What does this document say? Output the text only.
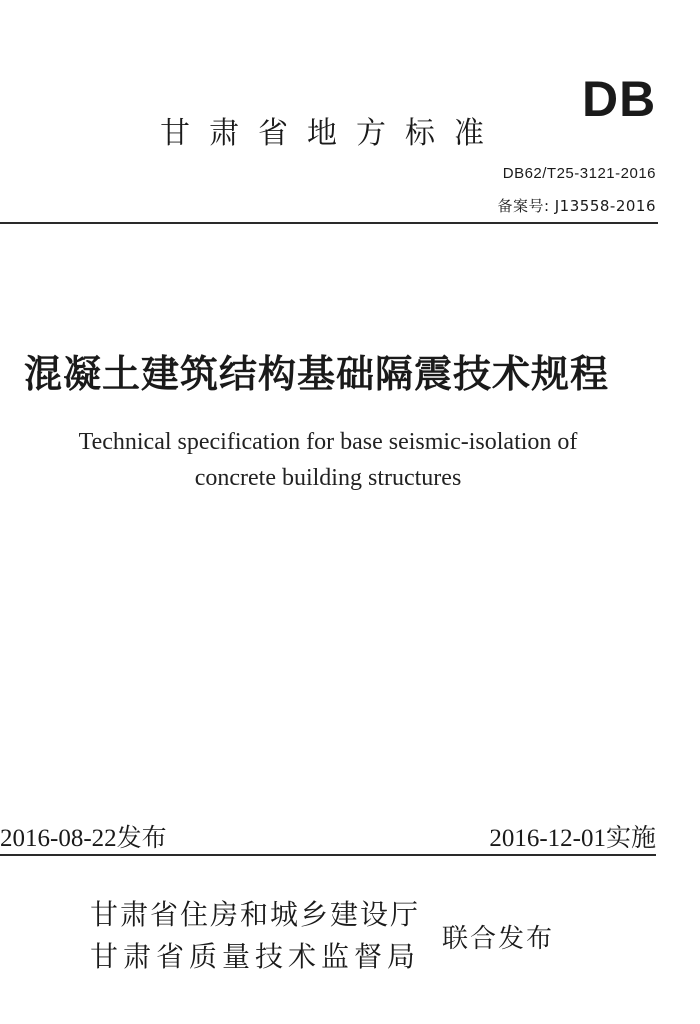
甘肃省地方标准
DB
DB62/T25-3121-2016
备案号: J13558-2016
混凝土建筑结构基础隔震技术规程
Technical specification for base seismic-isolation of
concrete building structures
2016-08-22发布	2016-12-01实施
甘肃省住房和城乡建设厅
甘肃省质量技术监督局
联合发布
